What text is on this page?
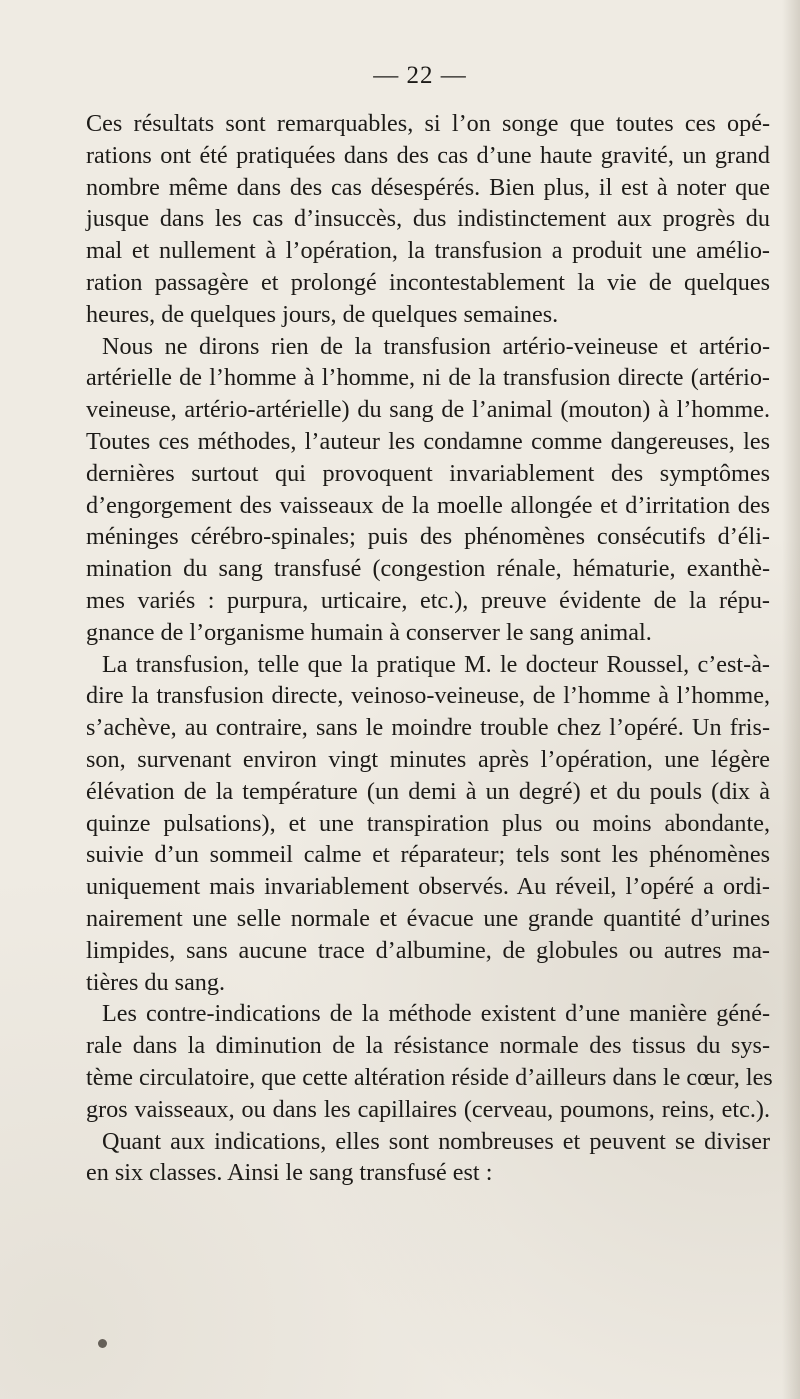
— 22 —
Ces résultats sont remarquables, si l’on songe que toutes ces opé-
rations ont été pratiquées dans des cas d’une haute gravité, un grand
nombre même dans des cas désespérés. Bien plus, il est à noter que
jusque dans les cas d’insuccès, dus indistinctement aux progrès du
mal et nullement à l’opération, la transfusion a produit une amélio-
ration passagère et prolongé incontestablement la vie de quelques
heures, de quelques jours, de quelques semaines.
Nous ne dirons rien de la transfusion artério-veineuse et artério-
artérielle de l’homme à l’homme, ni de la transfusion directe (artério-
veineuse, artério-artérielle) du sang de l’animal (mouton) à l’homme.
Toutes ces méthodes, l’auteur les condamne comme dangereuses, les
dernières surtout qui provoquent invariablement des symptômes
d’engorgement des vaisseaux de la moelle allongée et d’irritation des
méninges cérébro-spinales; puis des phénomènes consécutifs d’éli-
mination du sang transfusé (congestion rénale, hématurie, exanthè-
mes variés : purpura, urticaire, etc.), preuve évidente de la répu-
gnance de l’organisme humain à conserver le sang animal.
La transfusion, telle que la pratique M. le docteur Roussel, c’est-à-
dire la transfusion directe, veinoso-veineuse, de l’homme à l’homme,
s’achève, au contraire, sans le moindre trouble chez l’opéré. Un fris-
son, survenant environ vingt minutes après l’opération, une légère
élévation de la température (un demi à un degré) et du pouls (dix à
quinze pulsations), et une transpiration plus ou moins abondante,
suivie d’un sommeil calme et réparateur; tels sont les phénomènes
uniquement mais invariablement observés. Au réveil, l’opéré a ordi-
nairement une selle normale et évacue une grande quantité d’urines
limpides, sans aucune trace d’albumine, de globules ou autres ma-
tières du sang.
Les contre-indications de la méthode existent d’une manière géné-
rale dans la diminution de la résistance normale des tissus du sys-
tème circulatoire, que cette altération réside d’ailleurs dans le cœur, les
gros vaisseaux, ou dans les capillaires (cerveau, poumons, reins, etc.).
Quant aux indications, elles sont nombreuses et peuvent se diviser
en six classes. Ainsi le sang transfusé est :
